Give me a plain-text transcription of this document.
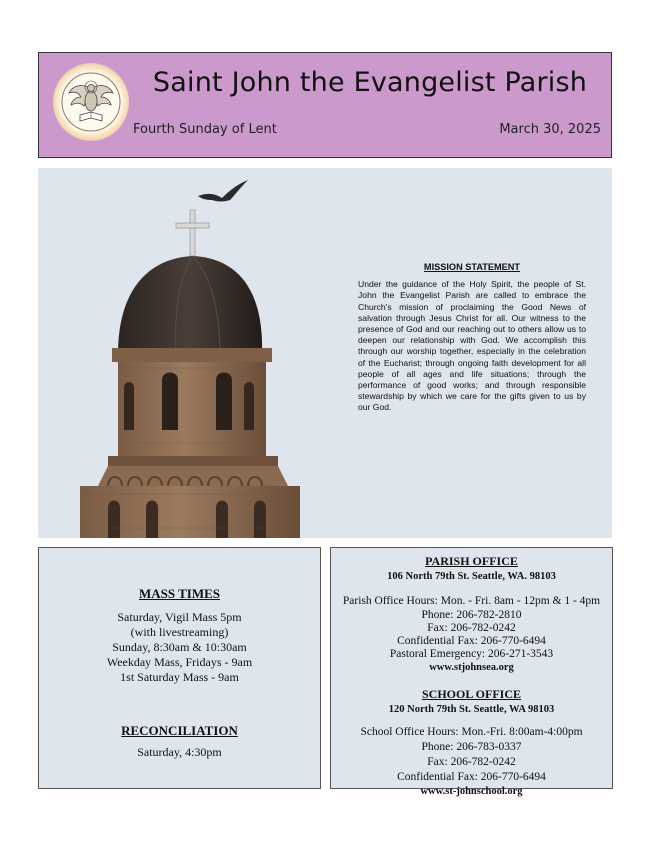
Saint John the Evangelist Parish
Fourth Sunday of Lent	March 30, 2025
MISSION STATEMENT
Under the guidance of the Holy Spirit, the people of St. John the Evangelist Parish are called to embrace the Church's mission of proclaiming the Good News of salvation through Jesus Christ for all. Our witness to the presence of God and our reaching out to others allow us to deepen our relationship with God. We accomplish this through our worship together, especially in the celebration of the Eucharist; through ongoing faith development for all people of all ages and life situations; through the performance of good works; and through responsible stewardship by which we care for the gifts given to us by our God.
MASS TIMES
Saturday, Vigil Mass 5pm
(with livestreaming)
Sunday, 8:30am & 10:30am
Weekday Mass, Fridays - 9am
1st Saturday Mass - 9am
RECONCILIATION
Saturday, 4:30pm
PARISH OFFICE
106 North 79th St. Seattle, WA. 98103
Parish Office Hours: Mon. - Fri. 8am - 12pm & 1 - 4pm
Phone: 206-782-2810
Fax: 206-782-0242
Confidential Fax: 206-770-6494
Pastoral Emergency: 206-271-3543
www.stjohnsea.org
SCHOOL OFFICE
120 North 79th St. Seattle, WA 98103
School Office Hours: Mon.-Fri. 8:00am-4:00pm
Phone: 206-783-0337
Fax: 206-782-0242
Confidential Fax: 206-770-6494
www.st-johnschool.org
